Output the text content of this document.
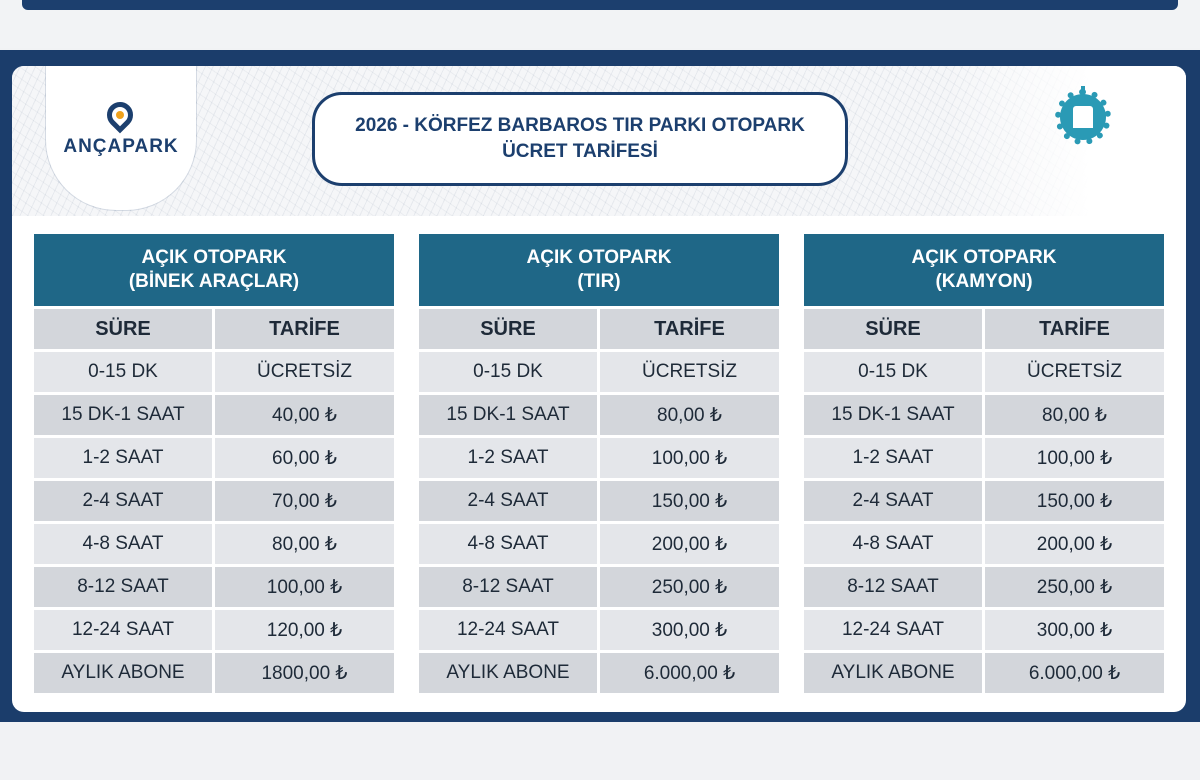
ANÇAPARK
2026 - KÖRFEZ BARBAROS TIR PARKI OTOPARK
ÜCRET TARİFESİ
AÇIK OTOPARK
(BİNEK ARAÇLAR)
SÜRE	TARİFE
0-15 DK	ÜCRETSİZ
15 DK-1 SAAT	40,00 ₺
1-2 SAAT	60,00 ₺
2-4 SAAT	70,00 ₺
4-8 SAAT	80,00 ₺
8-12 SAAT	100,00 ₺
12-24 SAAT	120,00 ₺
AYLIK ABONE	1800,00 ₺
AÇIK OTOPARK
(TIR)
SÜRE	TARİFE
0-15 DK	ÜCRETSİZ
15 DK-1 SAAT	80,00 ₺
1-2 SAAT	100,00 ₺
2-4 SAAT	150,00 ₺
4-8 SAAT	200,00 ₺
8-12 SAAT	250,00 ₺
12-24 SAAT	300,00 ₺
AYLIK ABONE	6.000,00 ₺
AÇIK OTOPARK
(KAMYON)
SÜRE	TARİFE
0-15 DK	ÜCRETSİZ
15 DK-1 SAAT	80,00 ₺
1-2 SAAT	100,00 ₺
2-4 SAAT	150,00 ₺
4-8 SAAT	200,00 ₺
8-12 SAAT	250,00 ₺
12-24 SAAT	300,00 ₺
AYLIK ABONE	6.000,00 ₺
